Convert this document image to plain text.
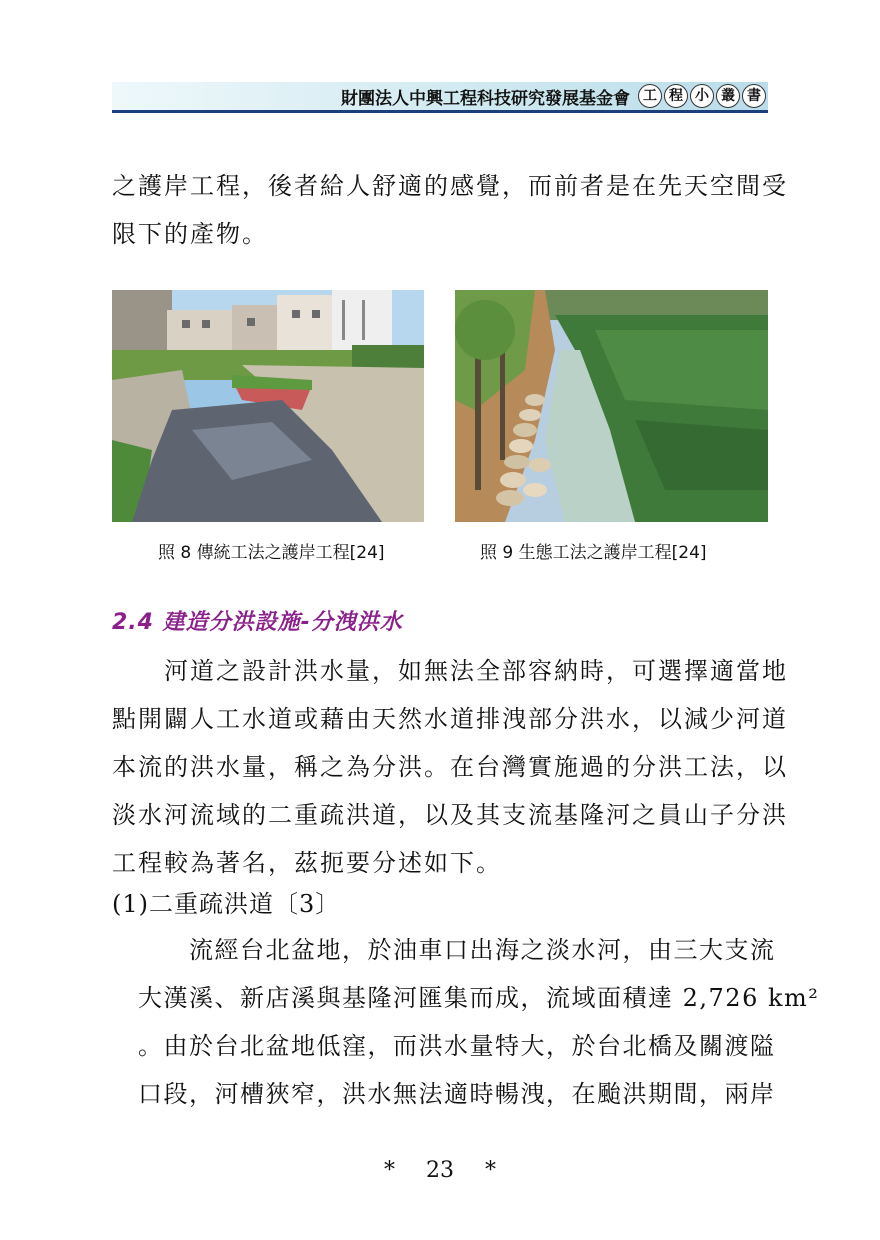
財團法人中興工程科技研究發展基金會 工 程 小 叢 書
之護岸工程，後者給人舒適的感覺，而前者是在先天空間受
限下的產物。
照 8 傳統工法之護岸工程[24]	照 9 生態工法之護岸工程[24]
2.4 建造分洪設施-分洩洪水
　　河道之設計洪水量，如無法全部容納時，可選擇適當地
點開闢人工水道或藉由天然水道排洩部分洪水，以減少河道
本流的洪水量，稱之為分洪。在台灣實施過的分洪工法，以
淡水河流域的二重疏洪道，以及其支流基隆河之員山子分洪
工程較為著名，茲扼要分述如下。
(1)二重疏洪道〔3〕
　　流經台北盆地，於油車口出海之淡水河，由三大支流
大漢溪、新店溪與基隆河匯集而成，流域面積達 2,726 km²
。由於台北盆地低窪，而洪水量特大，於台北橋及關渡隘
口段，河槽狹窄，洪水無法適時暢洩，在颱洪期間，兩岸
* 23 *
